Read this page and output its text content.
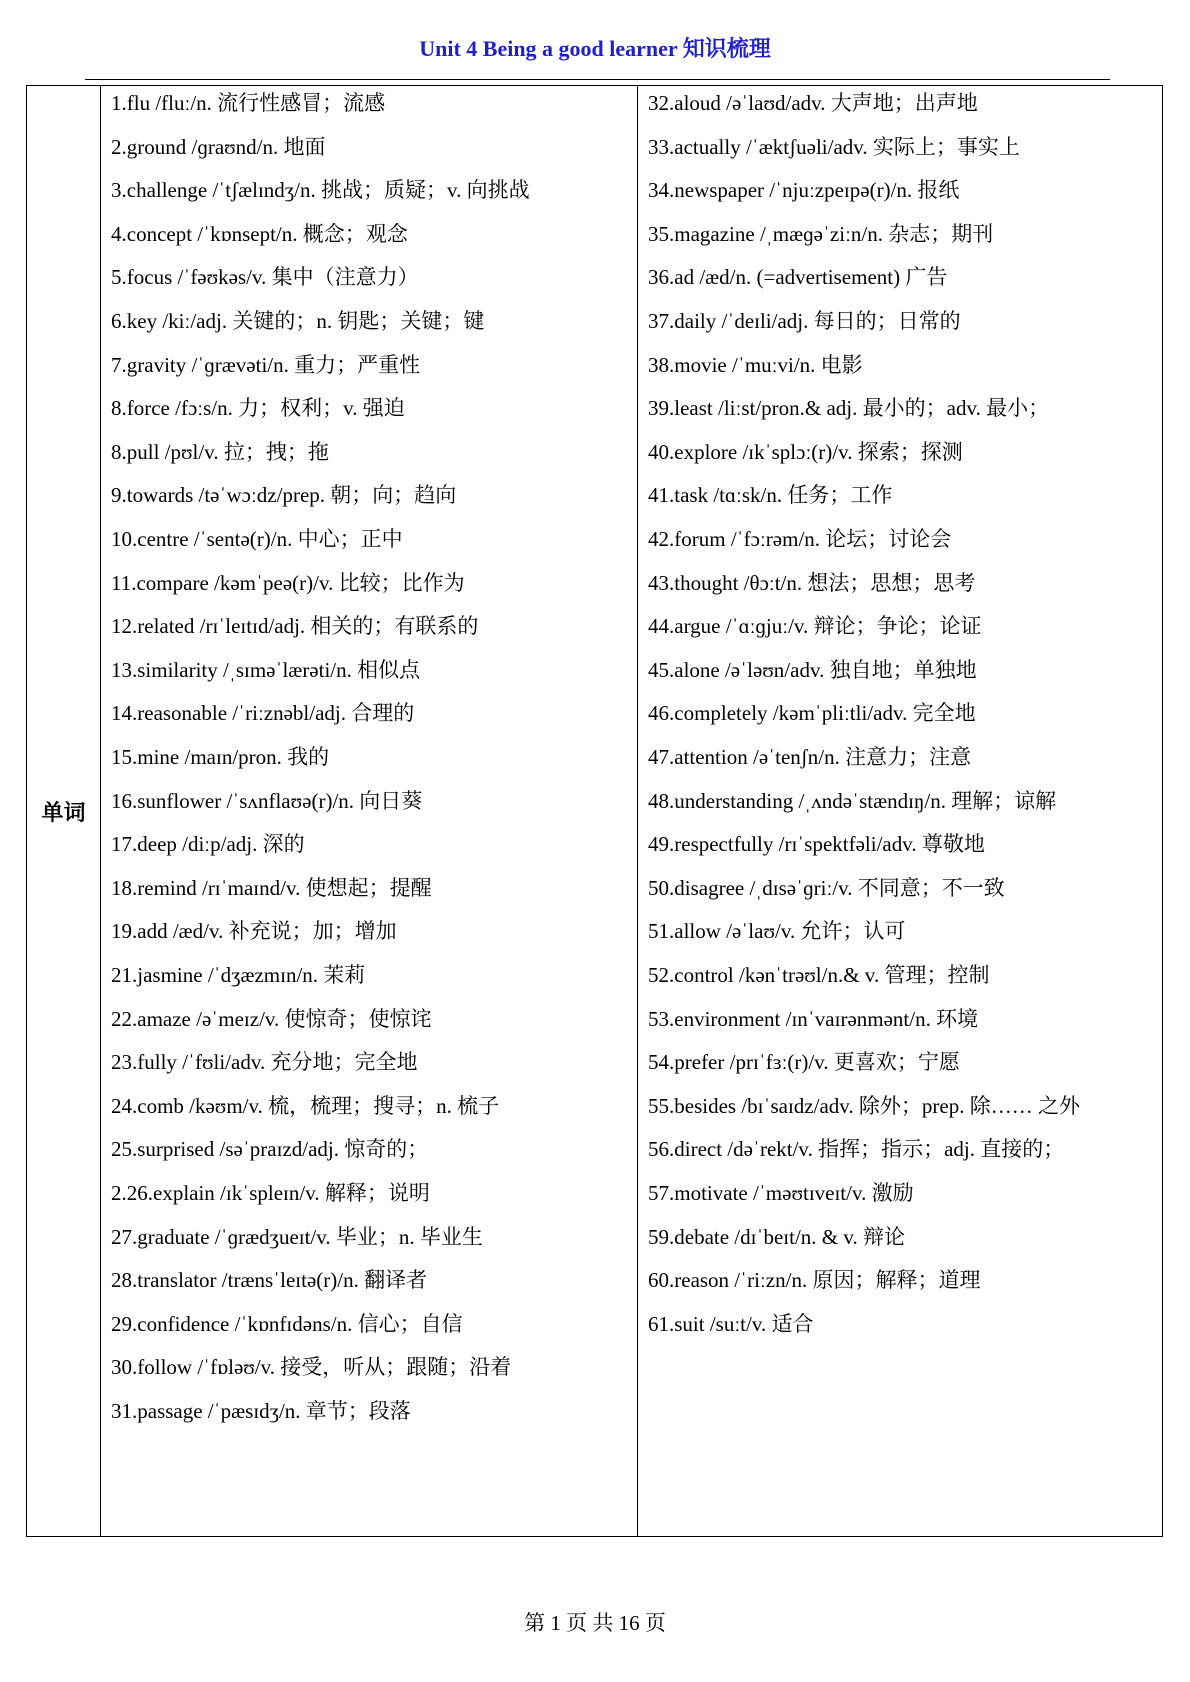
Unit 4 Being a good learner 知识梳理
单词
1.flu /fluː/n. 流行性感冒；流感
2.ground /ɡraʊnd/n. 地面
3.challenge /ˈtʃælɪndʒ/n. 挑战；质疑；v. 向挑战
4.concept /ˈkɒnsept/n. 概念；观念
5.focus /ˈfəʊkəs/v. 集中（注意力）
6.key /kiː/adj. 关键的；n. 钥匙；关键；键
7.gravity /ˈɡrævəti/n. 重力；严重性
8.force /fɔːs/n. 力；权利；v. 强迫
8.pull /pʊl/v. 拉；拽；拖
9.towards /təˈwɔːdz/prep. 朝；向；趋向
10.centre /ˈsentə(r)/n. 中心；正中
11.compare /kəmˈpeə(r)/v. 比较；比作为
12.related /rɪˈleɪtɪd/adj. 相关的；有联系的
13.similarity /ˌsɪməˈlærəti/n. 相似点
14.reasonable /ˈriːznəbl/adj. 合理的
15.mine /maɪn/pron. 我的
16.sunflower /ˈsʌnflaʊə(r)/n. 向日葵
17.deep /diːp/adj. 深的
18.remind /rɪˈmaɪnd/v. 使想起；提醒
19.add /æd/v. 补充说；加；增加
21.jasmine /ˈdʒæzmɪn/n. 茉莉
22.amaze /əˈmeɪz/v. 使惊奇；使惊诧
23.fully /ˈfʊli/adv. 充分地；完全地
24.comb /kəʊm/v. 梳，梳理；搜寻；n. 梳子
25.surprised /səˈpraɪzd/adj. 惊奇的；
2.26.explain /ɪkˈspleɪn/v. 解释；说明
27.graduate /ˈɡrædʒueɪt/v. 毕业；n. 毕业生
28.translator /trænsˈleɪtə(r)/n. 翻译者
29.confidence /ˈkɒnfɪdəns/n. 信心；自信
30.follow /ˈfɒləʊ/v. 接受，听从；跟随；沿着
31.passage /ˈpæsɪdʒ/n. 章节；段落
32.aloud /əˈlaʊd/adv. 大声地；出声地
33.actually /ˈæktʃuəli/adv. 实际上；事实上
34.newspaper /ˈnjuːzpeɪpə(r)/n. 报纸
35.magazine /ˌmæɡəˈziːn/n. 杂志；期刊
36.ad /æd/n. (=advertisement) 广告
37.daily /ˈdeɪli/adj. 每日的；日常的
38.movie /ˈmuːvi/n. 电影
39.least /liːst/pron.& adj. 最小的；adv. 最小；
40.explore /ɪkˈsplɔː(r)/v. 探索；探测
41.task /tɑːsk/n. 任务；工作
42.forum /ˈfɔːrəm/n. 论坛；讨论会
43.thought /θɔːt/n. 想法；思想；思考
44.argue /ˈɑːɡjuː/v. 辩论；争论；论证
45.alone /əˈləʊn/adv. 独自地；单独地
46.completely /kəmˈpliːtli/adv. 完全地
47.attention /əˈtenʃn/n. 注意力；注意
48.understanding /ˌʌndəˈstændɪŋ/n. 理解；谅解
49.respectfully /rɪˈspektfəli/adv. 尊敬地
50.disagree /ˌdɪsəˈɡriː/v. 不同意；不一致
51.allow /əˈlaʊ/v. 允许；认可
52.control /kənˈtrəʊl/n.& v. 管理；控制
53.environment /ɪnˈvaɪrənmənt/n. 环境
54.prefer /prɪˈfɜː(r)/v. 更喜欢；宁愿
55.besides /bɪˈsaɪdz/adv. 除外；prep. 除…… 之外
56.direct /dəˈrekt/v. 指挥；指示；adj. 直接的；
57.motivate /ˈməʊtɪveɪt/v. 激励
59.debate /dɪˈbeɪt/n. & v. 辩论
60.reason /ˈriːzn/n. 原因；解释；道理
61.suit /suːt/v. 适合
第 1 页 共 16 页
